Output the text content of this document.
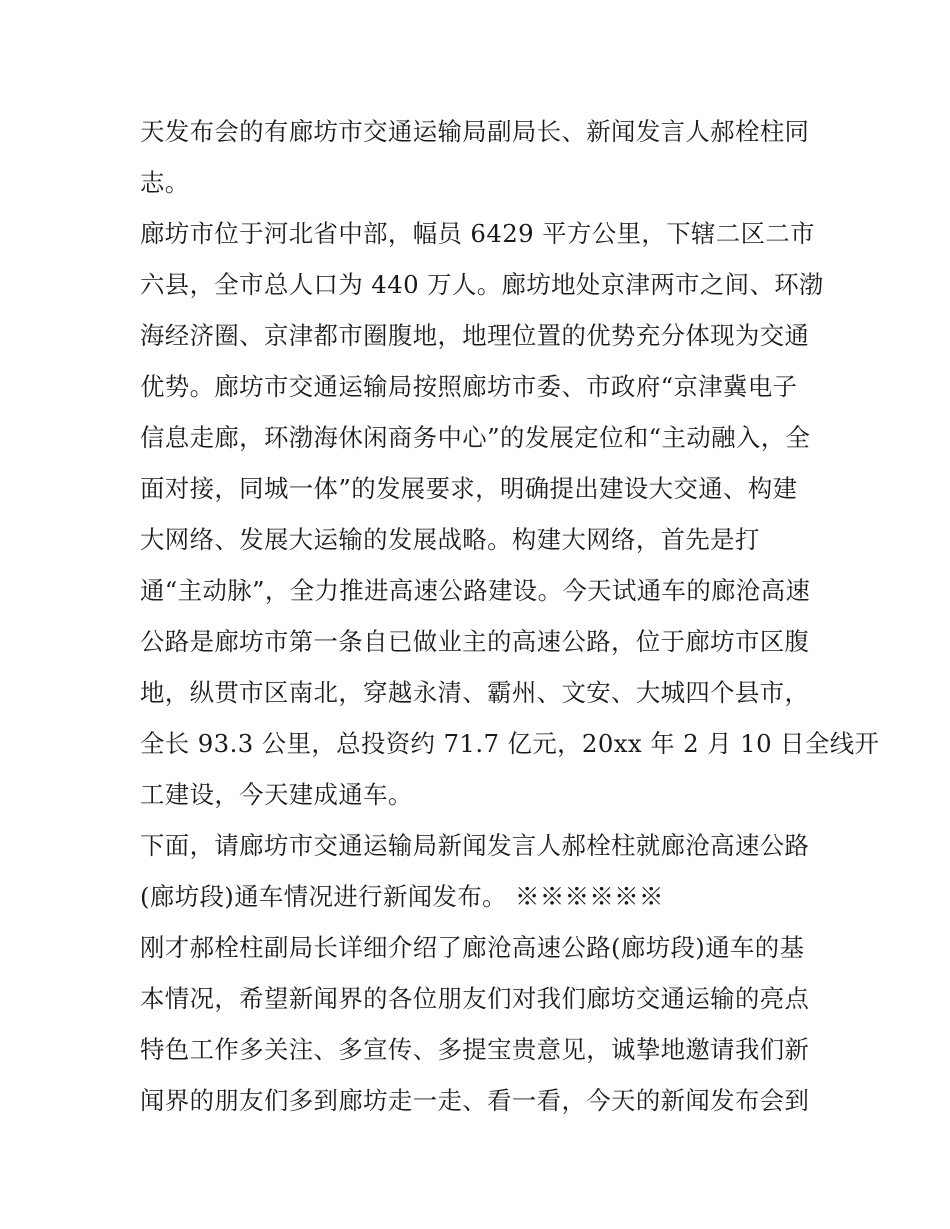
天发布会的有廊坊市交通运输局副局长、新闻发言人郝栓柱同
志。
廊坊市位于河北省中部，幅员 6429 平方公里，下辖二区二市
六县，全市总人口为 440 万人。廊坊地处京津两市之间、环渤
海经济圈、京津都市圈腹地，地理位置的优势充分体现为交通
优势。廊坊市交通运输局按照廊坊市委、市政府“京津冀电子
信息走廊，环渤海休闲商务中心”的发展定位和“主动融入，全
面对接，同城一体”的发展要求，明确提出建设大交通、构建
大网络、发展大运输的发展战略。构建大网络，首先是打
通“主动脉”，全力推进高速公路建设。今天试通车的廊沧高速
公路是廊坊市第一条自已做业主的高速公路，位于廊坊市区腹
地，纵贯市区南北，穿越永清、霸州、文安、大城四个县市，
全长 93.3 公里，总投资约 71.7 亿元，20xx 年 2 月 10 日全线开
工建设，今天建成通车。
下面，请廊坊市交通运输局新闻发言人郝栓柱就廊沧高速公路
(廊坊段)通车情况进行新闻发布。 ※※※※※※
刚才郝栓柱副局长详细介绍了廊沧高速公路(廊坊段)通车的基
本情况，希望新闻界的各位朋友们对我们廊坊交通运输的亮点
特色工作多关注、多宣传、多提宝贵意见，诚挚地邀请我们新
闻界的朋友们多到廊坊走一走、看一看，今天的新闻发布会到
